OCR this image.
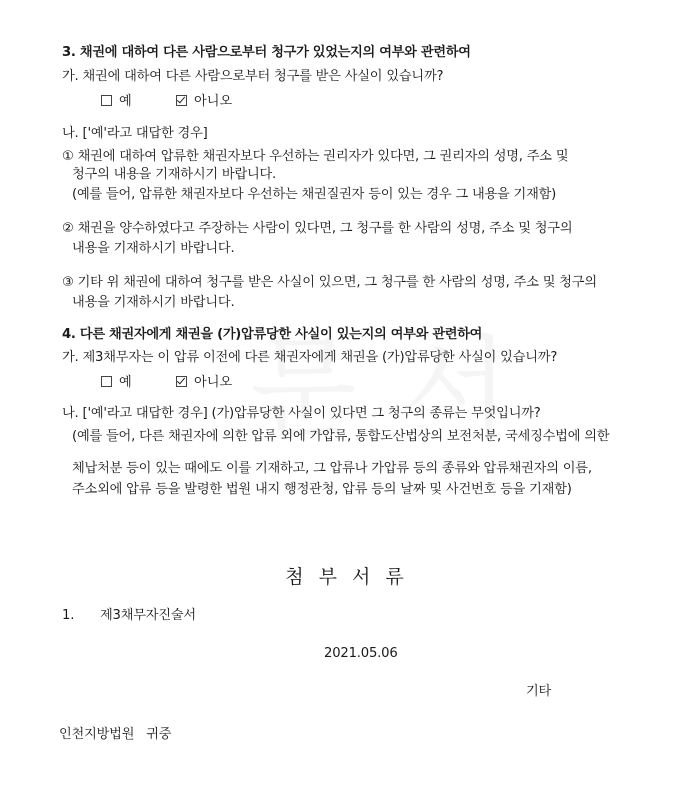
3. 채권에 대하여 다른 사람으로부터 청구가 있었는지의 여부와 관련하여
가. 채권에 대하여 다른 사람으로부터 청구를 받은 사실이 있습니까?
예	아니오
나. ['예'라고 대답한 경우]
① 채권에 대하여 압류한 채권자보다 우선하는 권리자가 있다면, 그 권리자의 성명, 주소 및
청구의 내용을 기재하시기 바랍니다.
(예를 들어, 압류한 채권자보다 우선하는 채권질권자 등이 있는 경우 그 내용을 기재함)
② 채권을 양수하였다고 주장하는 사람이 있다면, 그 청구를 한 사람의 성명, 주소 및 청구의
내용을 기재하시기 바랍니다.
③ 기타 위 채권에 대하여 청구를 받은 사실이 있으면, 그 청구를 한 사람의 성명, 주소 및 청구의
내용을 기재하시기 바랍니다.
4. 다른 채권자에게 채권을 (가)압류당한 사실이 있는지의 여부와 관련하여
가. 제3채무자는 이 압류 이전에 다른 채권자에게 채권을 (가)압류당한 사실이 있습니까?
예	아니오
나. ['예'라고 대답한 경우] (가)압류당한 사실이 있다면 그 청구의 종류는 무엇입니까?
(예를 들어, 다른 채권자에 의한 압류 외에 가압류, 통합도산법상의 보전처분, 국세징수법에 의한
체납처분 등이 있는 때에도 이를 기재하고, 그 압류나 가압류 등의 종류와 압류채권자의 이름,
주소외에 압류 등을 발령한 법원 내지 행정관청, 압류 등의 날짜 및 사건번호 등을 기재함)
첨부서류
1. 제3채무자진술서
2021.05.06
기타
인천지방법원   귀중
